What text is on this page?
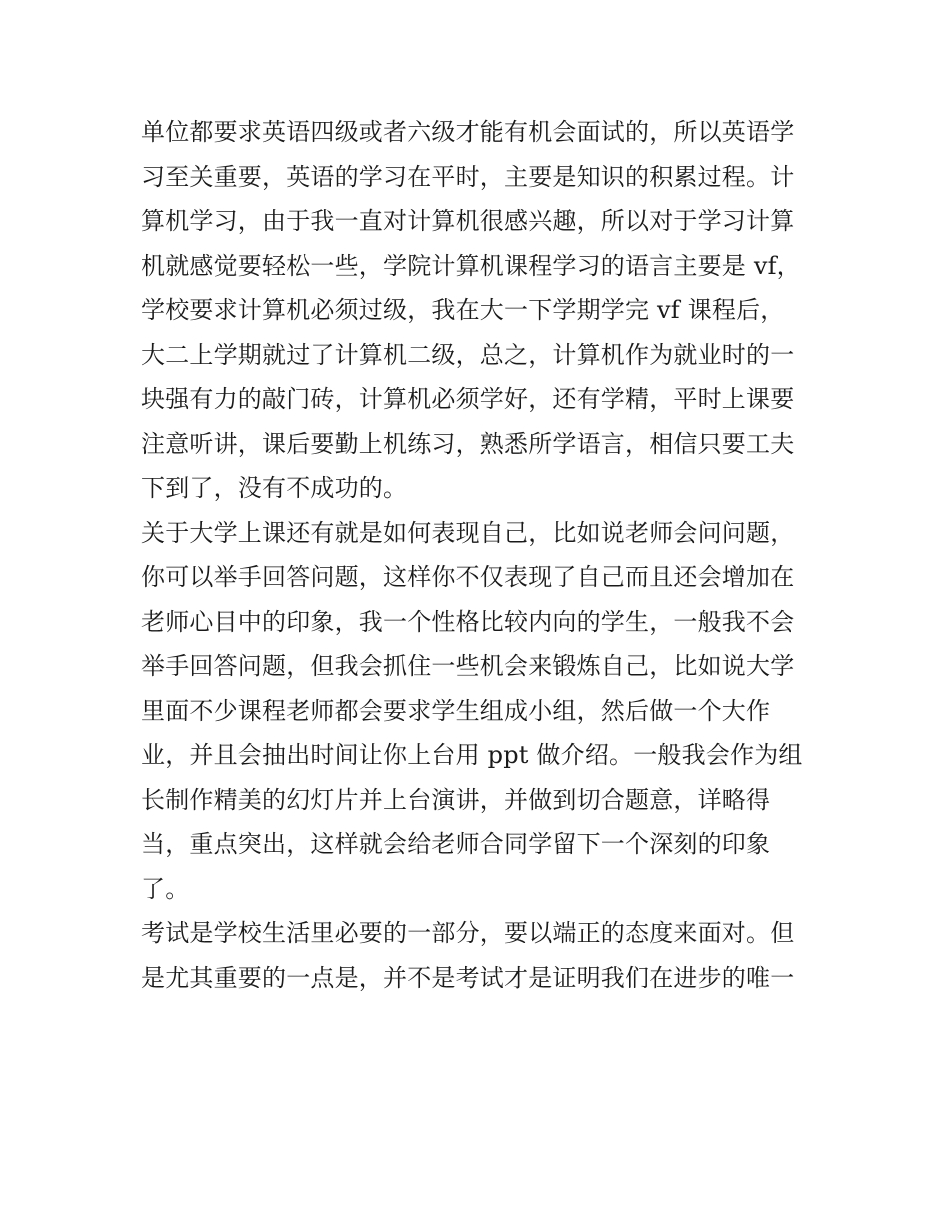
单位都要求英语四级或者六级才能有机会面试的，所以英语学
习至关重要，英语的学习在平时，主要是知识的积累过程。计
算机学习，由于我一直对计算机很感兴趣，所以对于学习计算
机就感觉要轻松一些，学院计算机课程学习的语言主要是 vf，
学校要求计算机必须过级，我在大一下学期学完 vf 课程后，
大二上学期就过了计算机二级，总之，计算机作为就业时的一
块强有力的敲门砖，计算机必须学好，还有学精，平时上课要
注意听讲，课后要勤上机练习，熟悉所学语言，相信只要工夫
下到了，没有不成功的。
关于大学上课还有就是如何表现自己，比如说老师会问问题，
你可以举手回答问题，这样你不仅表现了自己而且还会增加在
老师心目中的印象，我一个性格比较内向的学生，一般我不会
举手回答问题，但我会抓住一些机会来锻炼自己，比如说大学
里面不少课程老师都会要求学生组成小组，然后做一个大作
业，并且会抽出时间让你上台用 ppt 做介绍。一般我会作为组
长制作精美的幻灯片并上台演讲，并做到切合题意，详略得
当，重点突出，这样就会给老师合同学留下一个深刻的印象
了。
考试是学校生活里必要的一部分，要以端正的态度来面对。但
是尤其重要的一点是，并不是考试才是证明我们在进步的唯一
